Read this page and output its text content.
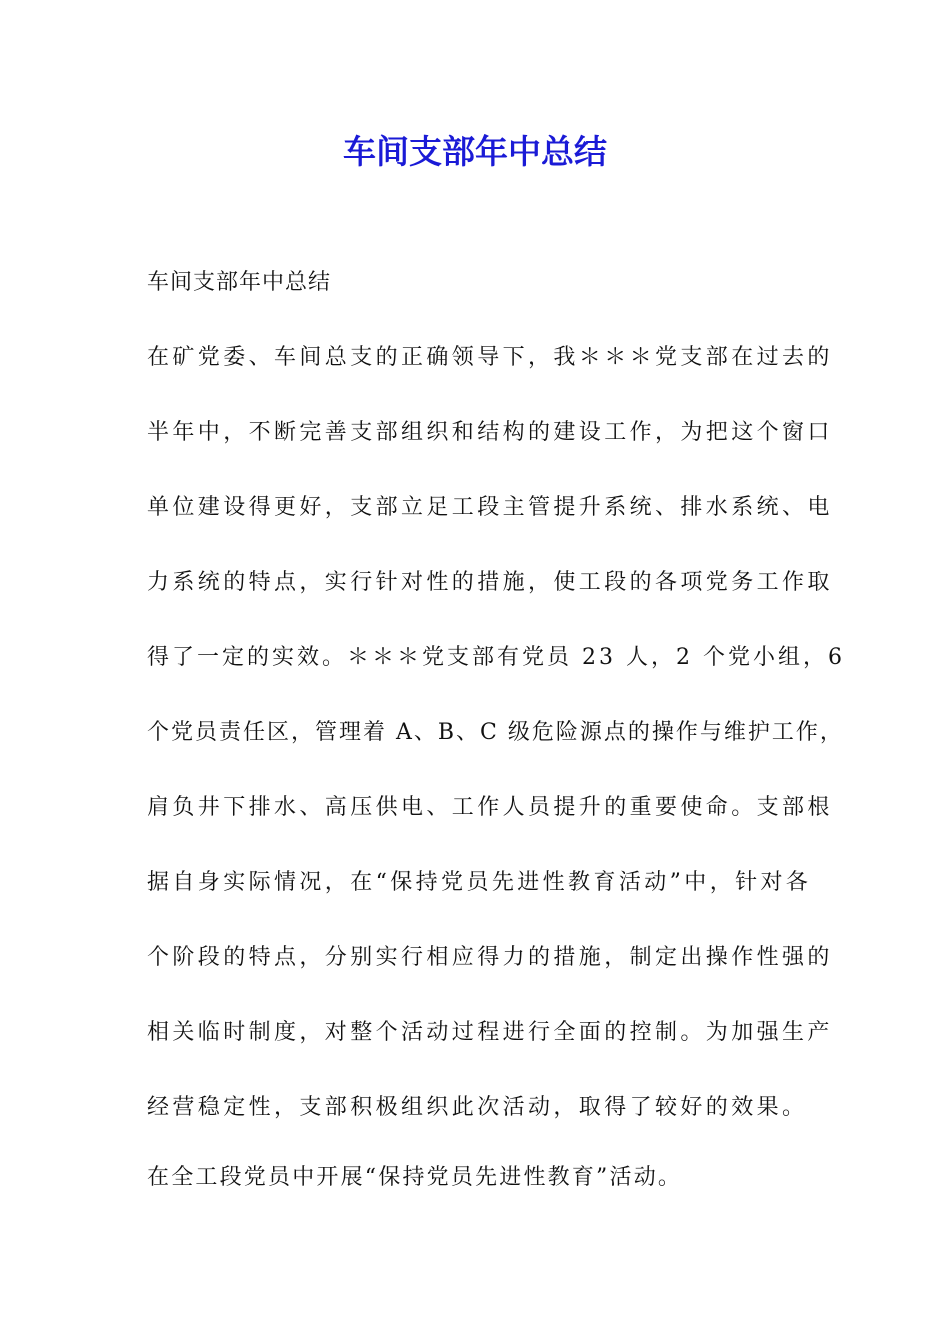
车间支部年中总结

车间支部年中总结

在矿党委、车间总支的正确领导下，我＊＊＊党支部在过去的

半年中，不断完善支部组织和结构的建设工作，为把这个窗口

单位建设得更好，支部立足工段主管提升系统、排水系统、电

力系统的特点，实行针对性的措施，使工段的各项党务工作取

得了一定的实效。＊＊＊党支部有党员 23 人，2 个党小组，6

个党员责任区，管理着 A、B、C 级危险源点的操作与维护工作，

肩负井下排水、高压供电、工作人员提升的重要使命。支部根

据自身实际情况，在“保持党员先进性教育活动”中，针对各

个阶段的特点，分别实行相应得力的措施，制定出操作性强的

相关临时制度，对整个活动过程进行全面的控制。为加强生产

经营稳定性，支部积极组织此次活动，取得了较好的效果。

在全工段党员中开展“保持党员先进性教育”活动。
